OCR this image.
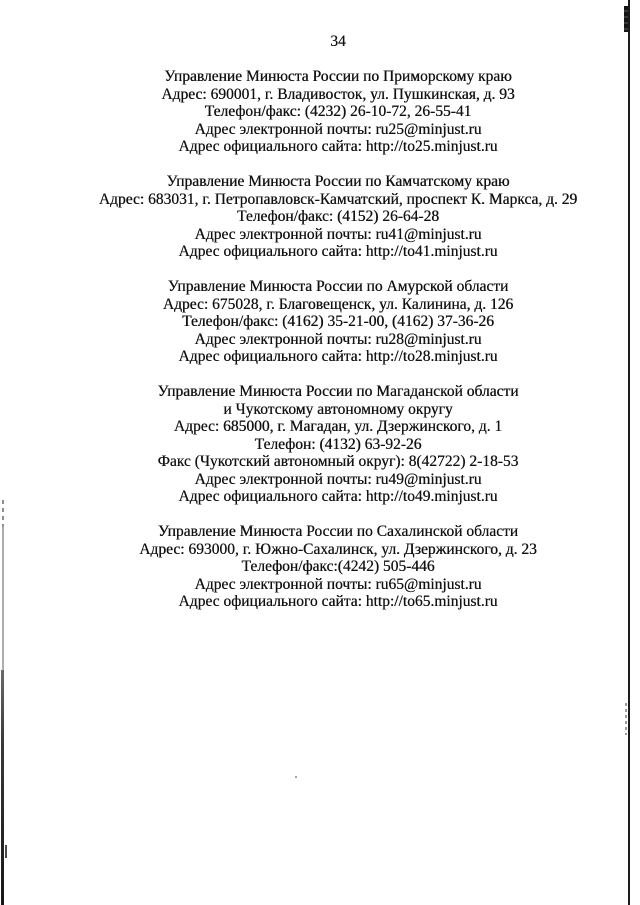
34
Управление Минюста России по Приморскому краю
Адрес: 690001, г. Владивосток, ул. Пушкинская, д. 93
Телефон/факс: (4232) 26-10-72, 26-55-41
Адрес электронной почты: ru25@minjust.ru
Адрес официального сайта: http://to25.minjust.ru
Управление Минюста России по Камчатскому краю
Адрес: 683031, г. Петропавловск-Камчатский, проспект К. Маркса, д. 29
Телефон/факс: (4152) 26-64-28
Адрес электронной почты: ru41@minjust.ru
Адрес официального сайта: http://to41.minjust.ru
Управление Минюста России по Амурской области
Адрес: 675028, г. Благовещенск, ул. Калинина, д. 126
Телефон/факс: (4162) 35-21-00, (4162) 37-36-26
Адрес электронной почты: ru28@minjust.ru
Адрес официального сайта: http://to28.minjust.ru
Управление Минюста России по Магаданской области
и Чукотскому автономному округу
Адрес: 685000, г. Магадан, ул. Дзержинского, д. 1
Телефон: (4132) 63-92-26
Факс (Чукотский автономный округ): 8(42722) 2-18-53
Адрес электронной почты: ru49@minjust.ru
Адрес официального сайта: http://to49.minjust.ru
Управление Минюста России по Сахалинской области
Адрес: 693000, г. Южно-Сахалинск, ул. Дзержинского, д. 23
Телефон/факс:(4242) 505-446
Адрес электронной почты: ru65@minjust.ru
Адрес официального сайта: http://to65.minjust.ru
